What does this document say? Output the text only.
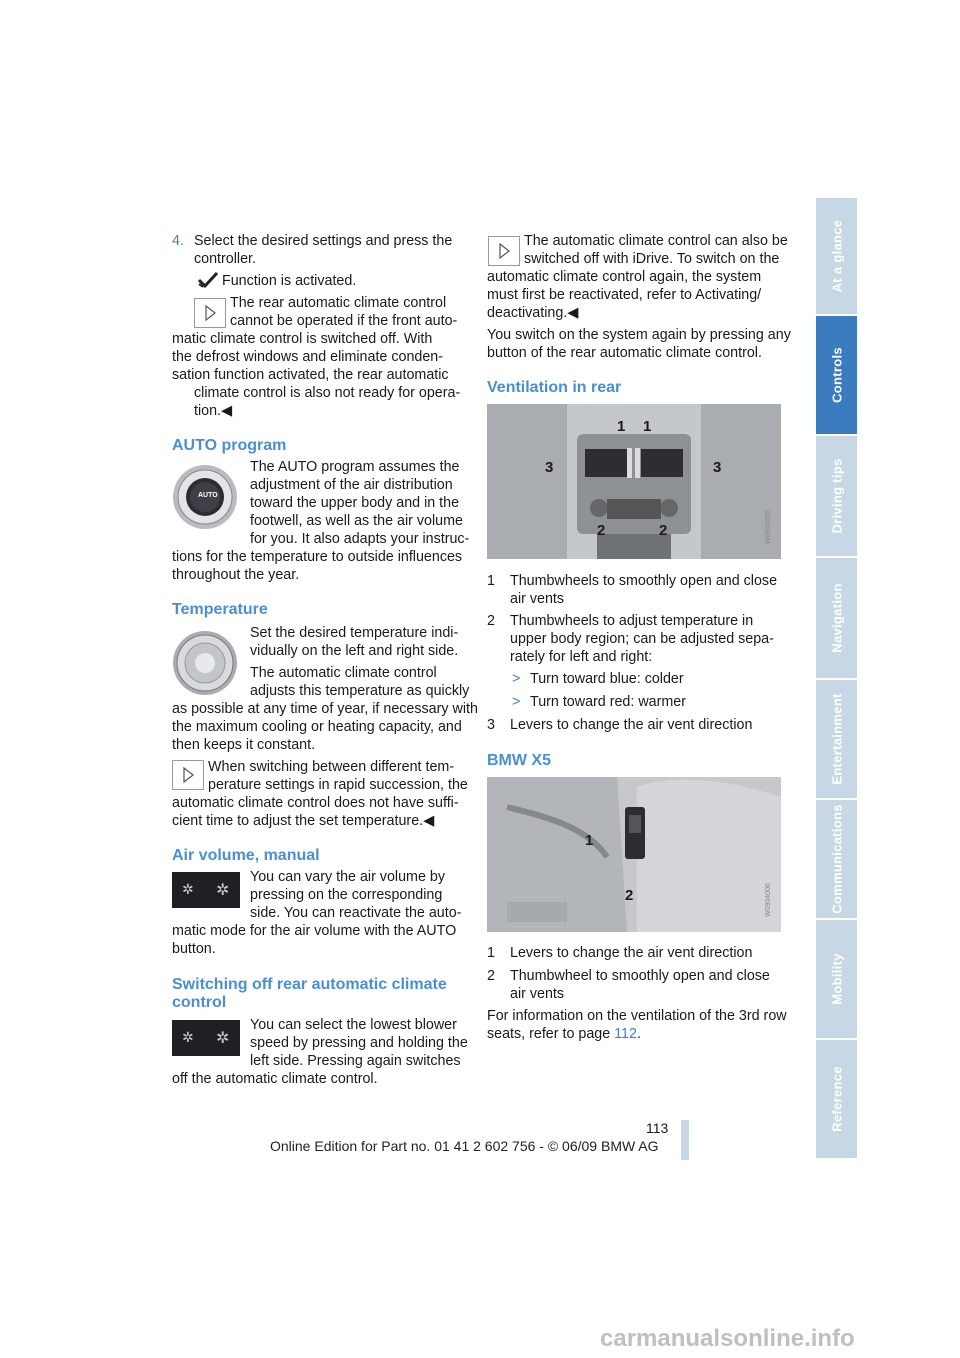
4. Select the desired settings and press the
controller.
Function is activated.
The rear automatic climate control
cannot be operated if the front auto-
matic climate control is switched off. With
the defrost windows and eliminate conden-
sation function activated, the rear automatic
climate control is also not ready for opera-
tion.◀
AUTO program
AUTO
The AUTO program assumes the
adjustment of the air distribution
toward the upper body and in the
footwell, as well as the air volume
for you. It also adapts your instruc-
tions for the temperature to outside influences
throughout the year.
Temperature
Set the desired temperature indi-
vidually on the left and right side.
The automatic climate control
adjusts this temperature as quickly
as possible at any time of year, if necessary with
the maximum cooling or heating capacity, and
then keeps it constant.
When switching between different tem-
perature settings in rapid succession, the
automatic climate control does not have suffi-
cient time to adjust the set temperature.◀
Air volume, manual
✲ ✲
You can vary the air volume by
pressing on the corresponding
side. You can reactivate the auto-
matic mode for the air volume with the AUTO
button.
Switching off rear automatic climate
control
✲ ✲
You can select the lowest blower
speed by pressing and holding the
left side. Pressing again switches
off the automatic climate control.
The automatic climate control can also be
switched off with iDrive. To switch on the
automatic climate control again, the system
must first be reactivated, refer to Activating/
deactivating.◀
You switch on the system again by pressing any
button of the rear automatic climate control.
Ventilation in rear
1 1
3	3
2	2	W0906050
1 Thumbwheels to smoothly open and close
air vents
2 Thumbwheels to adjust temperature in
upper body region; can be adjusted sepa-
rately for left and right:
> Turn toward blue: colder
> Turn toward red: warmer
3 Levers to change the air vent direction
BMW X5
1
2	W0904006
1 Levers to change the air vent direction
2 Thumbwheel to smoothly open and close
air vents
For information on the ventilation of the 3rd row
seats, refer to page 112.
113
Online Edition for Part no. 01 41 2 602 756 - © 06/09 BMW AG
carmanualsonline.info
At a glance
Controls
Driving tips
Navigation
Entertainment
Communications
Mobility
Reference
